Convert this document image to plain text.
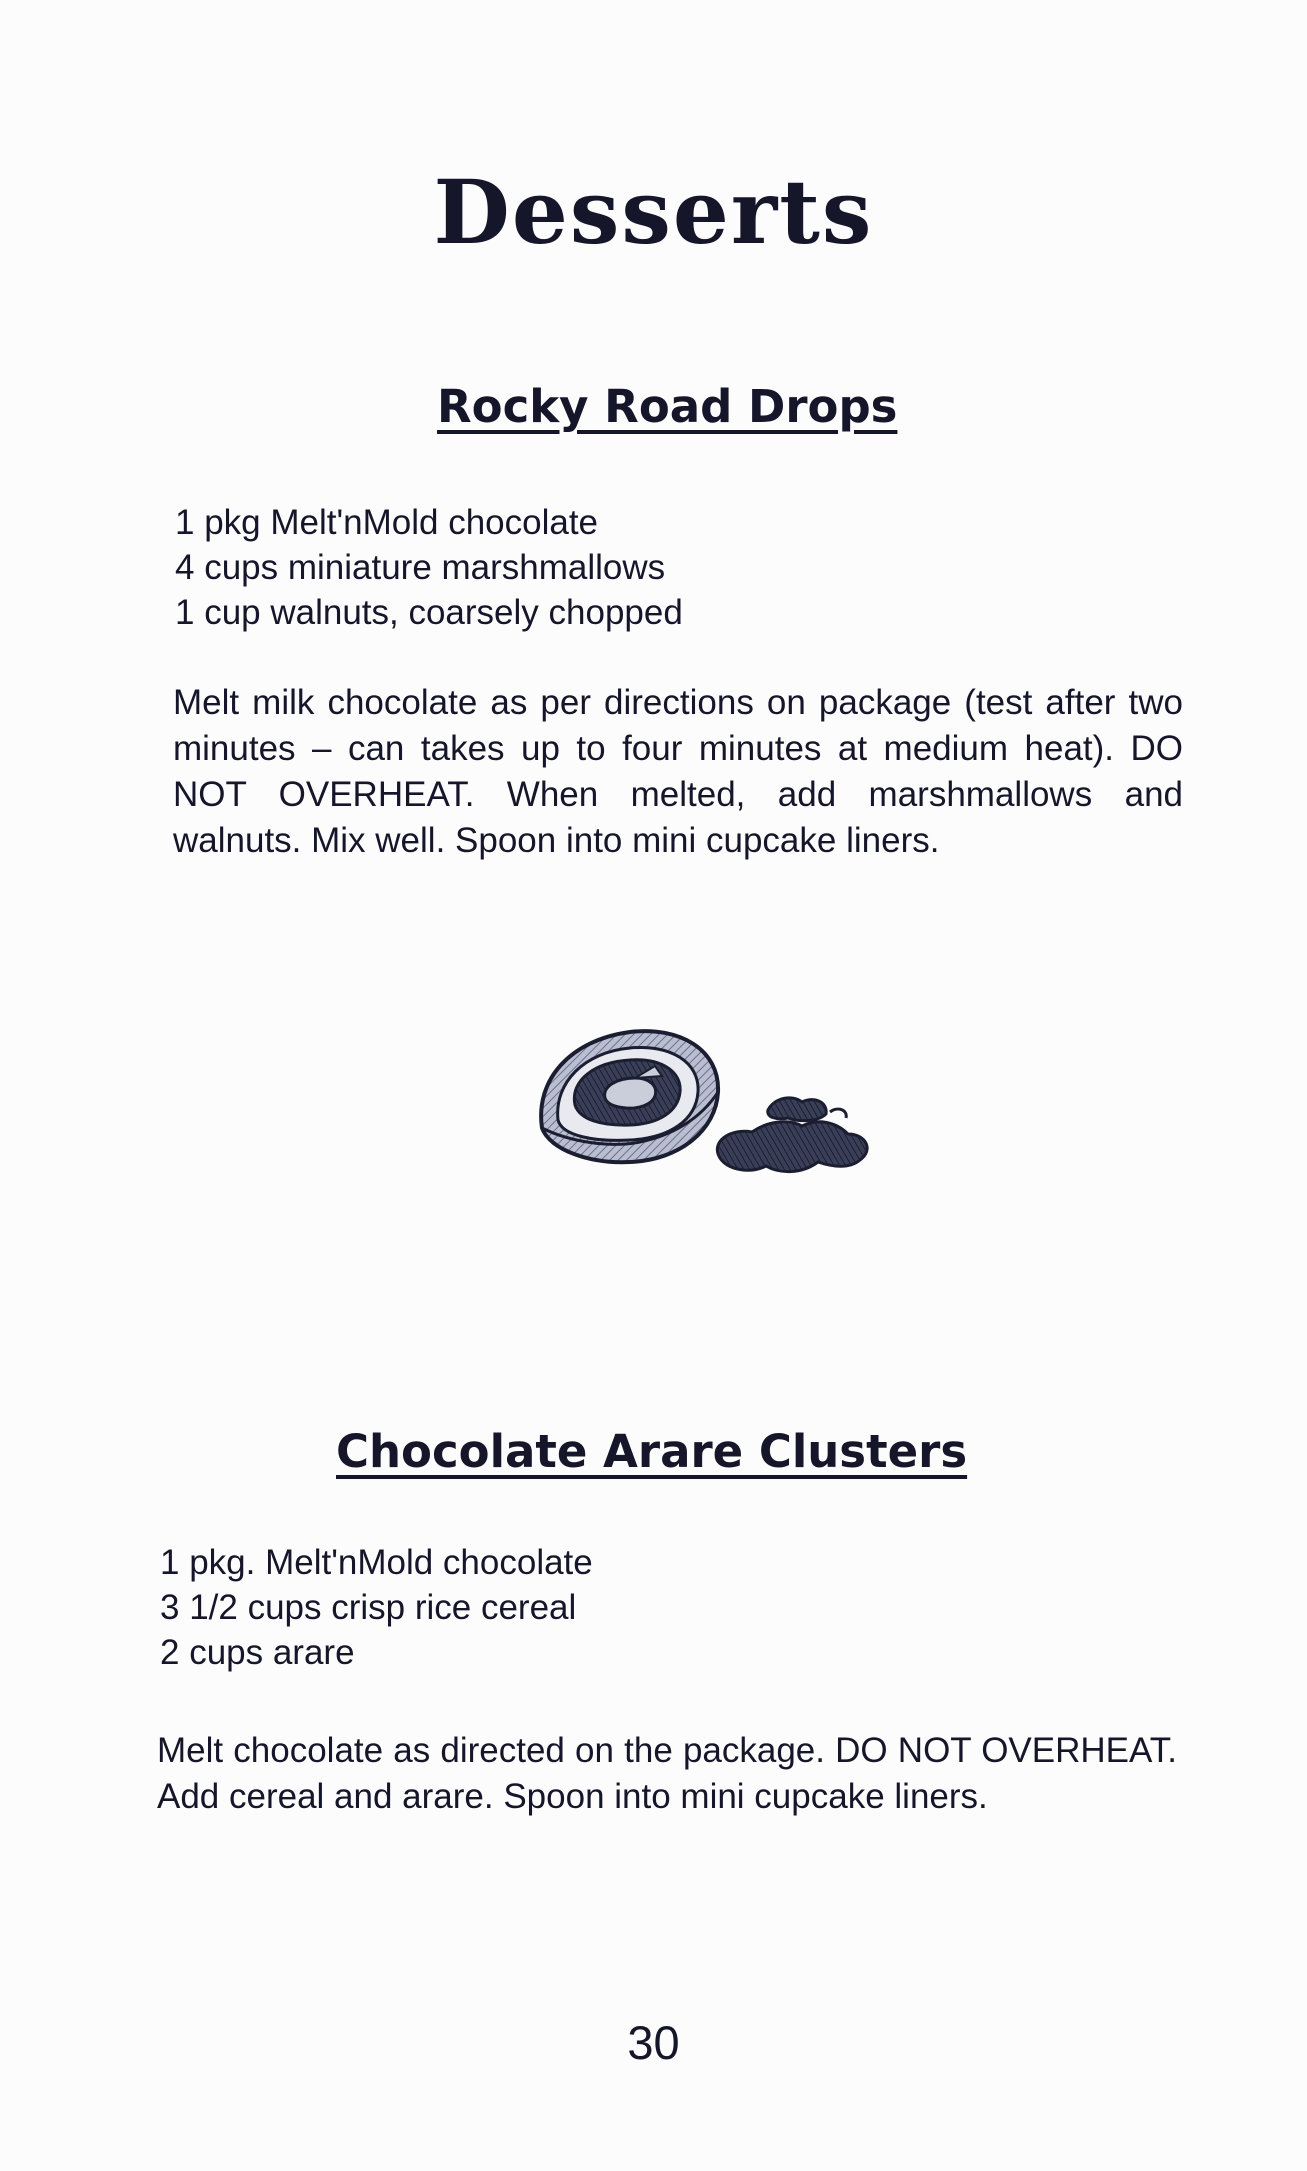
Desserts
Rocky Road Drops
1 pkg Melt'nMold chocolate
4 cups miniature marshmallows
1 cup walnuts, coarsely chopped

Melt milk chocolate as per directions on package (test after two minutes – can takes up to four minutes at medium heat). DO NOT OVERHEAT. When melted, add marshmallows and walnuts. Mix well. Spoon into mini cupcake liners.

Chocolate Arare Clusters
1 pkg. Melt'nMold chocolate
3 1/2 cups crisp rice cereal
2 cups arare

Melt chocolate as directed on the package. DO NOT OVERHEAT. Add cereal and arare. Spoon into mini cupcake liners.

30
